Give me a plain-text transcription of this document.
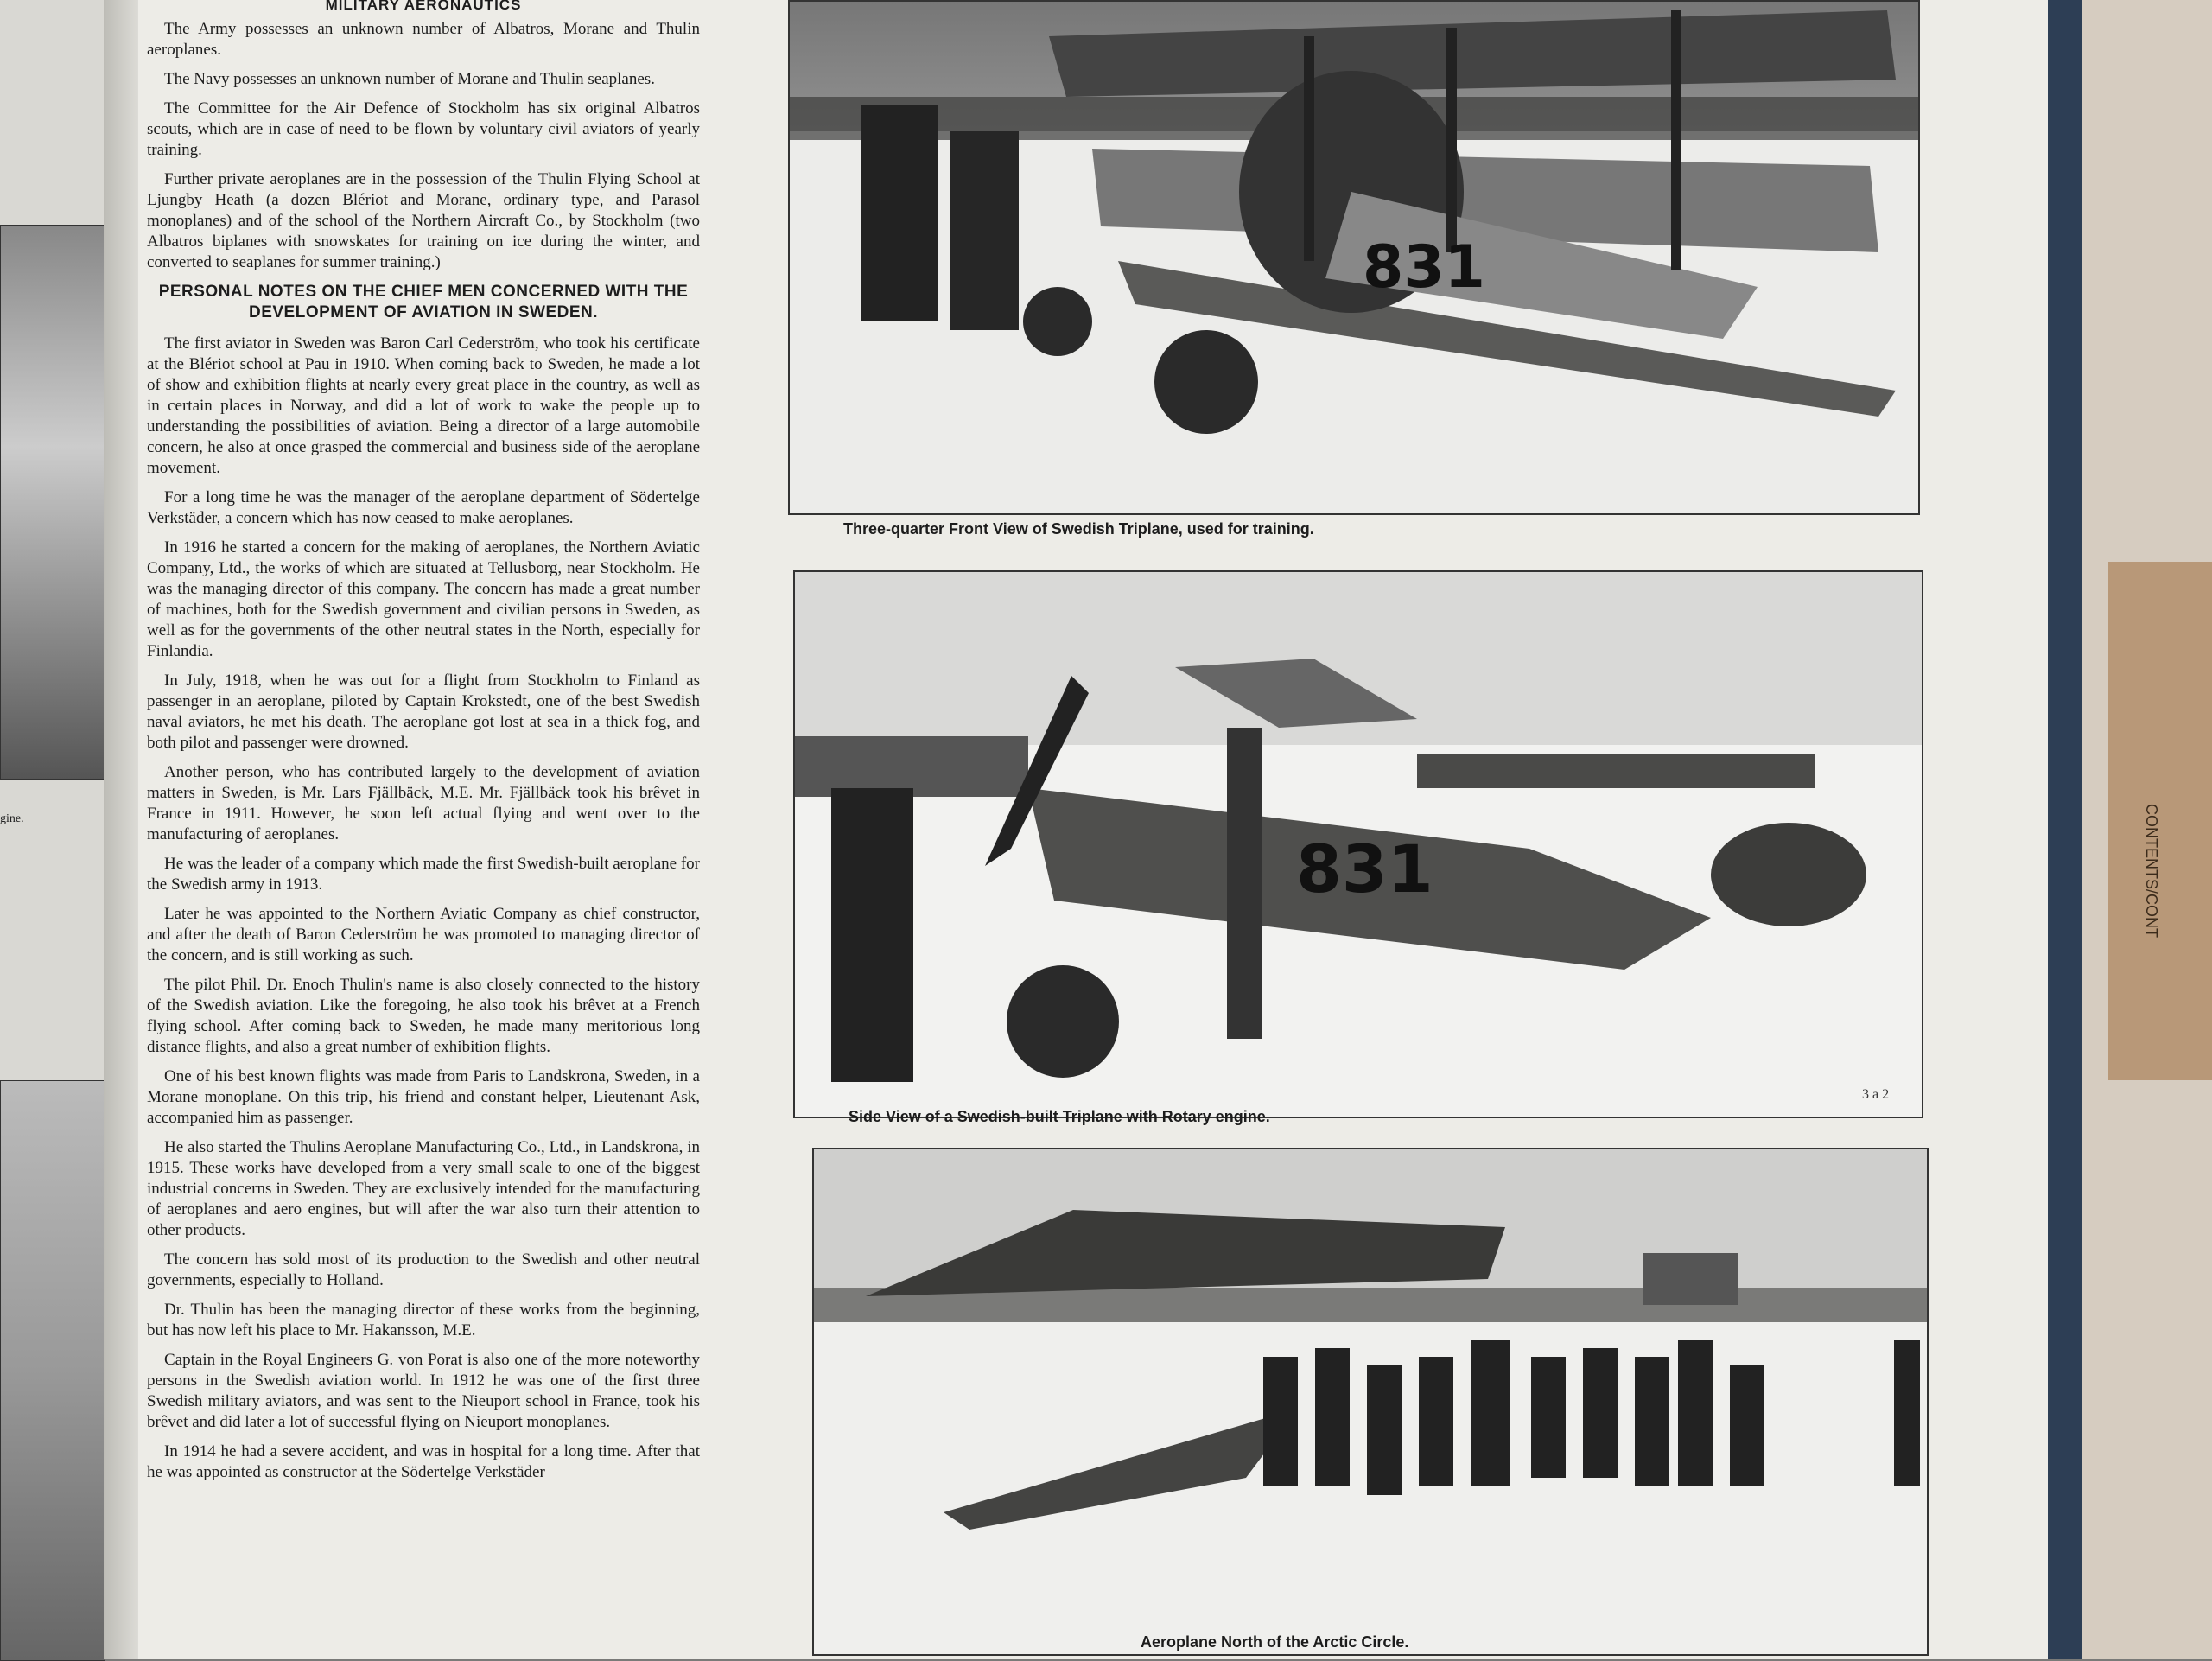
gine.
MILITARY AERONAUTICS

The Army possesses an unknown number of Albatros, Morane and Thulin aeroplanes.

The Navy possesses an unknown number of Morane and Thulin seaplanes.

The Committee for the Air Defence of Stockholm has six original Albatros scouts, which are in case of need to be flown by voluntary civil aviators of yearly training.

Further private aeroplanes are in the possession of the Thulin Flying School at Ljungby Heath (a dozen Blériot and Morane, ordinary type, and Parasol monoplanes) and of the school of the Northern Aircraft Co., by Stockholm (two Albatros biplanes with snowskates for training on ice during the winter, and converted to seaplanes for summer training.)

PERSONAL NOTES ON THE CHIEF MEN CONCERNED WITH THE DEVELOPMENT OF AVIATION IN SWEDEN.

The first aviator in Sweden was Baron Carl Cederström, who took his certificate at the Blériot school at Pau in 1910. When coming back to Sweden, he made a lot of show and exhibition flights at nearly every great place in the country, as well as in certain places in Norway, and did a lot of work to wake the people up to understanding the possibilities of aviation. Being a director of a large automobile concern, he also at once grasped the commercial and business side of the aeroplane movement.

For a long time he was the manager of the aeroplane department of Södertelge Verkstäder, a concern which has now ceased to make aeroplanes.

In 1916 he started a concern for the making of aeroplanes, the Northern Aviatic Company, Ltd., the works of which are situated at Tellusborg, near Stockholm. He was the managing director of this company. The concern has made a great number of machines, both for the Swedish government and civilian persons in Sweden, as well as for the governments of the other neutral states in the North, especially for Finlandia.

In July, 1918, when he was out for a flight from Stockholm to Finland as passenger in an aeroplane, piloted by Captain Krokstedt, one of the best Swedish naval aviators, he met his death. The aeroplane got lost at sea in a thick fog, and both pilot and passenger were drowned.

Another person, who has contributed largely to the development of aviation matters in Sweden, is Mr. Lars Fjällbäck, M.E. Mr. Fjällbäck took his brêvet in France in 1911. However, he soon left actual flying and went over to the manufacturing of aeroplanes.

He was the leader of a company which made the first Swedish-built aeroplane for the Swedish army in 1913.

Later he was appointed to the Northern Aviatic Company as chief constructor, and after the death of Baron Cederström he was promoted to managing director of the concern, and is still working as such.

The pilot Phil. Dr. Enoch Thulin's name is also closely connected to the history of the Swedish aviation. Like the foregoing, he also took his brêvet at a French flying school. After coming back to Sweden, he made many meritorious long distance flights, and also a great number of exhibition flights.

One of his best known flights was made from Paris to Landskrona, Sweden, in a Morane monoplane. On this trip, his friend and constant helper, Lieutenant Ask, accompanied him as passenger.

He also started the Thulins Aeroplane Manufacturing Co., Ltd., in Landskrona, in 1915. These works have developed from a very small scale to one of the biggest industrial concerns in Sweden. They are exclusively intended for the manufacturing of aeroplanes and aero engines, but will after the war also turn their attention to other products.

The concern has sold most of its production to the Swedish and other neutral governments, especially to Holland.

Dr. Thulin has been the managing director of these works from the beginning, but has now left his place to Mr. Hakansson, M.E.

Captain in the Royal Engineers G. von Porat is also one of the more noteworthy persons in the Swedish aviation world. In 1912 he was one of the first three Swedish military aviators, and was sent to the Nieuport school in France, took his brêvet and did later a lot of successful flying on Nieuport monoplanes.

In 1914 he had a severe accident, and was in hospital for a long time. After that he was appointed as constructor at the Södertelge Verkstäder

831
Three-quarter Front View of Swedish Triplane, used for training.
831
3 a 2
Side View of a Swedish-built Triplane with Rotary engine.
Aeroplane North of the Arctic Circle.
CONTENTS/CONT
